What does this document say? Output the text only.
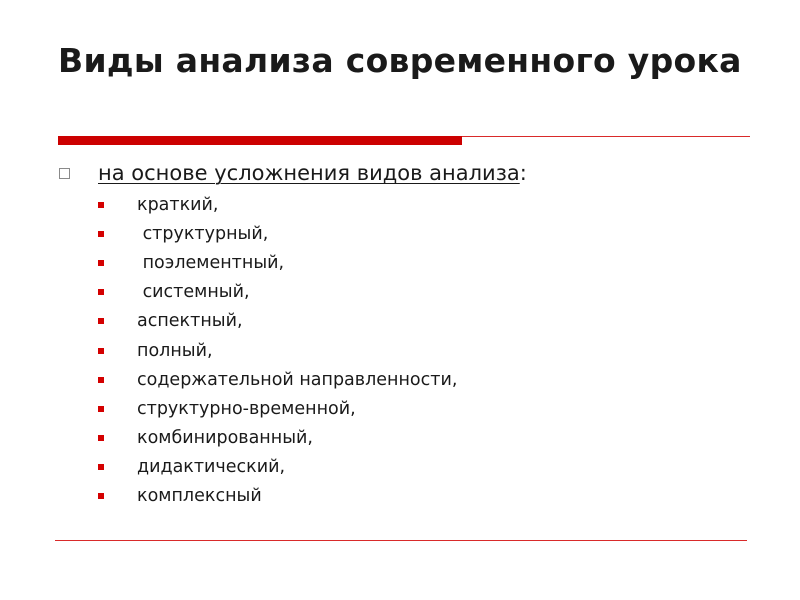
Виды анализа современного урока
на основе усложнения видов анализа:
краткий,
структурный,
поэлементный,
системный,
аспектный,
полный,
содержательной направленности,
структурно-временной,
комбинированный,
дидактический,
комплексный
